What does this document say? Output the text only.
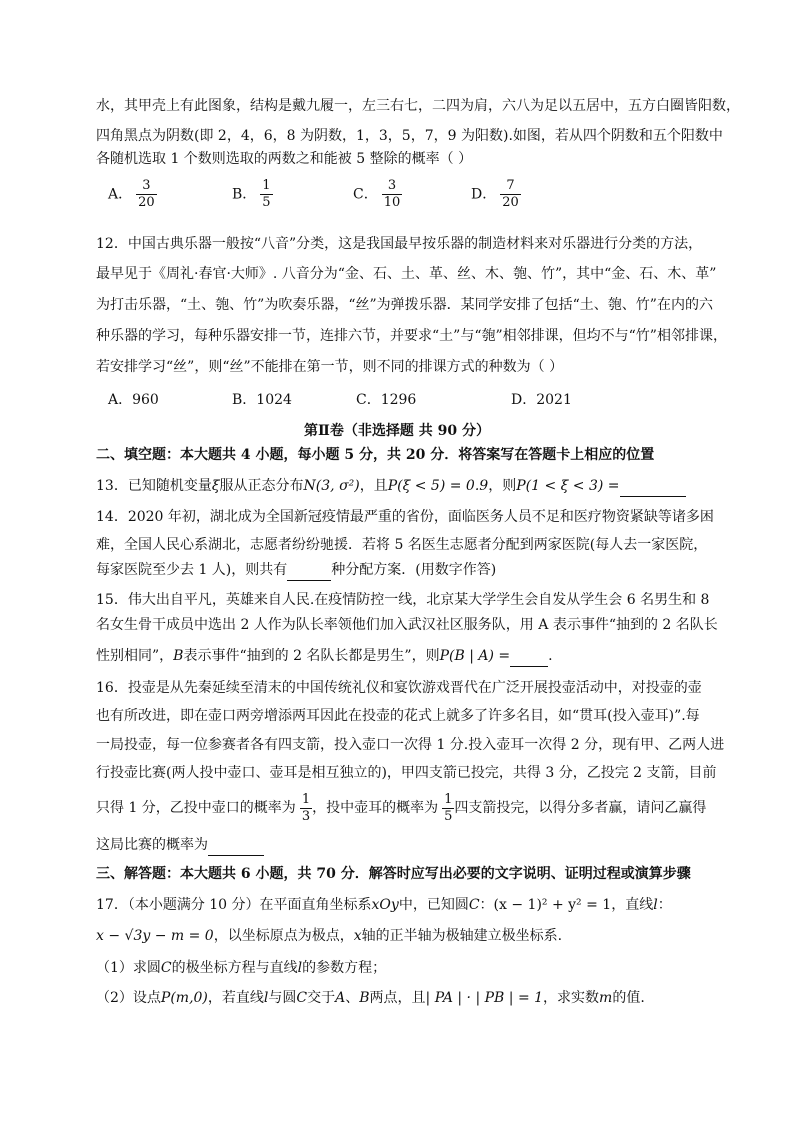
水，其甲壳上有此图象，结构是戴九履一，左三右七，二四为肩，六八为足以五居中，五方白圈皆阳数，
四角黑点为阴数(即 2，4，6，8 为阴数，1，3，5，7，9 为阳数).如图，若从四个阴数和五个阳数中
各随机选取 1 个数则选取的两数之和能被 5 整除的概率（ ）
A． $\frac{3}{20}$	B． $\frac{1}{5}$	C． $\frac{3}{10}$	D． $\frac{7}{20}$
12．中国古典乐器一般按“八音”分类，这是我国最早按乐器的制造材料来对乐器进行分类的方法，
最早见于《周礼·春官·大师》. 八音分为“金、石、土、革、丝、木、匏、竹”，其中“金、石、木、革”
为打击乐器，“土、匏、竹”为吹奏乐器，“丝”为弹拨乐器．某同学安排了包括“土、匏、竹”在内的六
种乐器的学习，每种乐器安排一节，连排六节，并要求“土”与“匏”相邻排课，但均不与“竹”相邻排课，
若安排学习“丝”，则“丝”不能排在第一节，则不同的排课方式的种数为（ ）
A．960	B．1024	C．1296	D．2021
第Ⅱ卷（非选择题 共 90 分）
二、填空题：本大题共 4 小题，每小题 5 分，共 20 分．将答案写在答题卡上相应的位置
13．已知随机变量ξ服从正态分布N(3, σ²)，且P(ξ < 5) = 0.9，则P(1 < ξ < 3) =
14．2020 年初，湖北成为全国新冠疫情最严重的省份，面临医务人员不足和医疗物资紧缺等诸多困
难，全国人民心系湖北，志愿者纷纷驰援．若将 5 名医生志愿者分配到两家医院(每人去一家医院，
每家医院至少去 1 人)，则共有	种分配方案．(用数字作答)
15．伟大出自平凡，英雄来自人民.在疫情防控一线，北京某大学学生会自发从学生会 6 名男生和 8
名女生骨干成员中选出 2 人作为队长率领他们加入武汉社区服务队，用 A 表示事件“抽到的 2 名队长
性别相同”，B表示事件“抽到的 2 名队长都是男生”，则P(B | A) =	.
16．投壶是从先秦延续至清末的中国传统礼仪和宴饮游戏晋代在广泛开展投壶活动中，对投壶的壶
也有所改进，即在壶口两旁增添两耳因此在投壶的花式上就多了许多名目，如“贯耳(投入壶耳)”.每
一局投壶，每一位参赛者各有四支箭，投入壶口一次得 1 分.投入壶耳一次得 2 分，现有甲、乙两人进
行投壶比赛(两人投中壶口、壶耳是相互独立的)，甲四支箭已投完，共得 3 分，乙投完 2 支箭，目前
只得 1 分，乙投中壶口的概率为 $\frac{1}{3}$ ，投中壶耳的概率为 $\frac{1}{5}$ 四支箭投完，以得分多者赢，请问乙赢得
这局比赛的概率为
三、解答题：本大题共 6 小题，共 70 分．解答时应写出必要的文字说明、证明过程或演算步骤
17．（本小题满分 10 分）在平面直角坐标系xOy中，已知圆C：(x − 1)² + y² = 1，直线l：
x − √3y − m = 0，以坐标原点为极点，x轴的正半轴为极轴建立极坐标系.
（1）求圆C的极坐标方程与直线l的参数方程；
（2）设点P(m,0)，若直线l与圆C交于A、B两点，且| PA | · | PB | = 1，求实数m的值.
